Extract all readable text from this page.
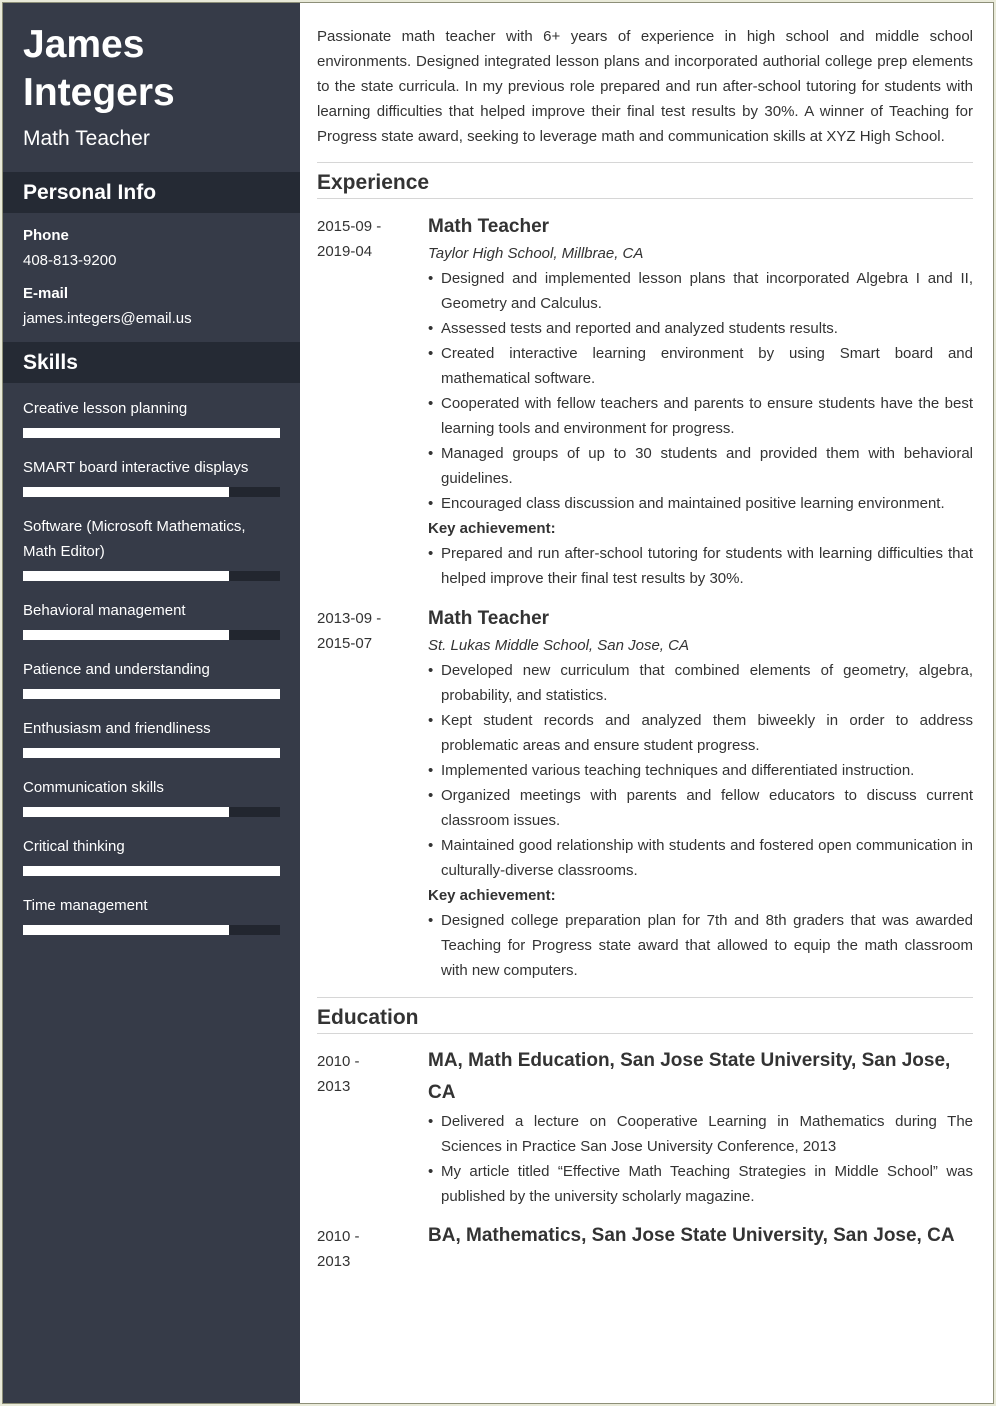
James
Integers
Math Teacher
Personal Info
Phone
408-813-9200
E-mail
james.integers@email.us
Skills
Creative lesson planning
SMART board interactive displays
Software (Microsoft Mathematics, Math Editor)
Behavioral management
Patience and understanding
Enthusiasm and friendliness
Communication skills
Critical thinking
Time management

Passionate math teacher with 6+ years of experience in high school and middle school environments. Designed integrated lesson plans and incorporated authorial college prep elements to the state curricula. In my previous role prepared and run after-school tutoring for students with learning difficulties that helped improve their final test results by 30%. A winner of Teaching for Progress state award, seeking to leverage math and communication skills at XYZ High School.

Experience
2015-09 -
2019-04
Math Teacher
Taylor High School, Millbrae, CA
• Designed and implemented lesson plans that incorporated Algebra I and II, Geometry and Calculus.
• Assessed tests and reported and analyzed students results.
• Created interactive learning environment by using Smart board and mathematical software.
• Cooperated with fellow teachers and parents to ensure students have the best learning tools and environment for progress.
• Managed groups of up to 30 students and provided them with behavioral guidelines.
• Encouraged class discussion and maintained positive learning environment.
Key achievement:
• Prepared and run after-school tutoring for students with learning difficulties that helped improve their final test results by 30%.
2013-09 -
2015-07
Math Teacher
St. Lukas Middle School, San Jose, CA
• Developed new curriculum that combined elements of geometry, algebra, probability, and statistics.
• Kept student records and analyzed them biweekly in order to address problematic areas and ensure student progress.
• Implemented various teaching techniques and differentiated instruction.
• Organized meetings with parents and fellow educators to discuss current classroom issues.
• Maintained good relationship with students and fostered open communication in culturally-diverse classrooms.
Key achievement:
• Designed college preparation plan for 7th and 8th graders that was awarded Teaching for Progress state award that allowed to equip the math classroom with new computers.
Education
2010 -
2013
MA, Math Education, San Jose State University, San Jose, CA
• Delivered a lecture on Cooperative Learning in Mathematics during The Sciences in Practice San Jose University Conference, 2013
• My article titled “Effective Math Teaching Strategies in Middle School” was published by the university scholarly magazine.
2010 -
2013
BA, Mathematics, San Jose State University, San Jose, CA
